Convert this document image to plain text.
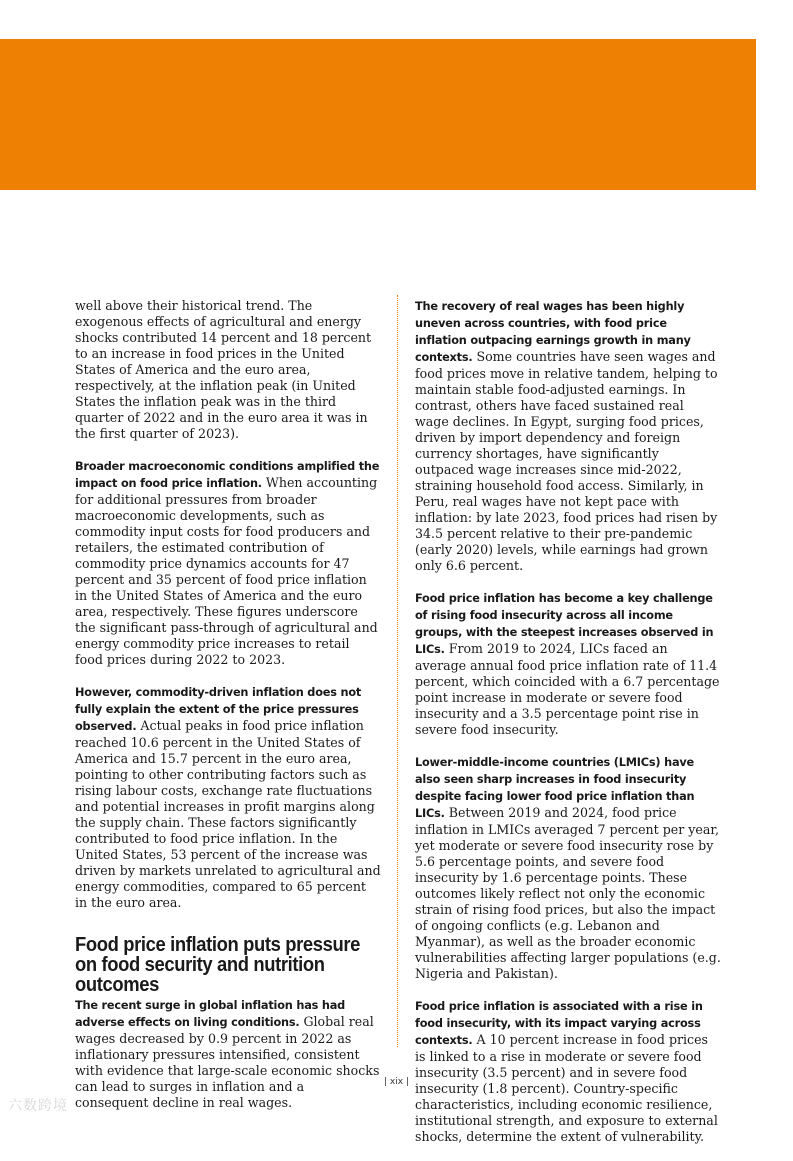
well above their historical trend. The exogenous effects of agricultural and energy shocks contributed 14 percent and 18 percent to an increase in food prices in the United States of America and the euro area, respectively, at the inflation peak (in United States the inflation peak was in the third quarter of 2022 and in the euro area it was in the first quarter of 2023).

Broader macroeconomic conditions amplified the impact on food price inflation. When accounting for additional pressures from broader macroeconomic developments, such as commodity input costs for food producers and retailers, the estimated contribution of commodity price dynamics accounts for 47 percent and 35 percent of food price inflation in the United States of America and the euro area, respectively. These figures underscore the significant pass-through of agricultural and energy commodity price increases to retail food prices during 2022 to 2023.

However, commodity-driven inflation does not fully explain the extent of the price pressures observed. Actual peaks in food price inflation reached 10.6 percent in the United States of America and 15.7 percent in the euro area, pointing to other contributing factors such as rising labour costs, exchange rate fluctuations and potential increases in profit margins along the supply chain. These factors significantly contributed to food price inflation. In the United States, 53 percent of the increase was driven by markets unrelated to agricultural and energy commodities, compared to 65 percent in the euro area.

Food price inflation puts pressure on food security and nutrition outcomes

The recent surge in global inflation has had adverse effects on living conditions. Global real wages decreased by 0.9 percent in 2022 as inflationary pressures intensified, consistent with evidence that large-scale economic shocks can lead to surges in inflation and a consequent decline in real wages.

The recovery of real wages has been highly uneven across countries, with food price inflation outpacing earnings growth in many contexts. Some countries have seen wages and food prices move in relative tandem, helping to maintain stable food-adjusted earnings. In contrast, others have faced sustained real wage declines. In Egypt, surging food prices, driven by import dependency and foreign currency shortages, have significantly outpaced wage increases since mid-2022, straining household food access. Similarly, in Peru, real wages have not kept pace with inflation: by late 2023, food prices had risen by 34.5 percent relative to their pre-pandemic (early 2020) levels, while earnings had grown only 6.6 percent.

Food price inflation has become a key challenge of rising food insecurity across all income groups, with the steepest increases observed in LICs. From 2019 to 2024, LICs faced an average annual food price inflation rate of 11.4 percent, which coincided with a 6.7 percentage point increase in moderate or severe food insecurity and a 3.5 percentage point rise in severe food insecurity.

Lower-middle-income countries (LMICs) have also seen sharp increases in food insecurity despite facing lower food price inflation than LICs. Between 2019 and 2024, food price inflation in LMICs averaged 7 percent per year, yet moderate or severe food insecurity rose by 5.6 percentage points, and severe food insecurity by 1.6 percentage points. These outcomes likely reflect not only the economic strain of rising food prices, but also the impact of ongoing conflicts (e.g. Lebanon and Myanmar), as well as the broader economic vulnerabilities affecting larger populations (e.g. Nigeria and Pakistan).

Food price inflation is associated with a rise in food insecurity, with its impact varying across contexts. A 10 percent increase in food prices is linked to a rise in moderate or severe food insecurity (3.5 percent) and in severe food insecurity (1.8 percent). Country-specific characteristics, including economic resilience, institutional strength, and exposure to external shocks, determine the extent of vulnerability.

| xix |
六数跨境
